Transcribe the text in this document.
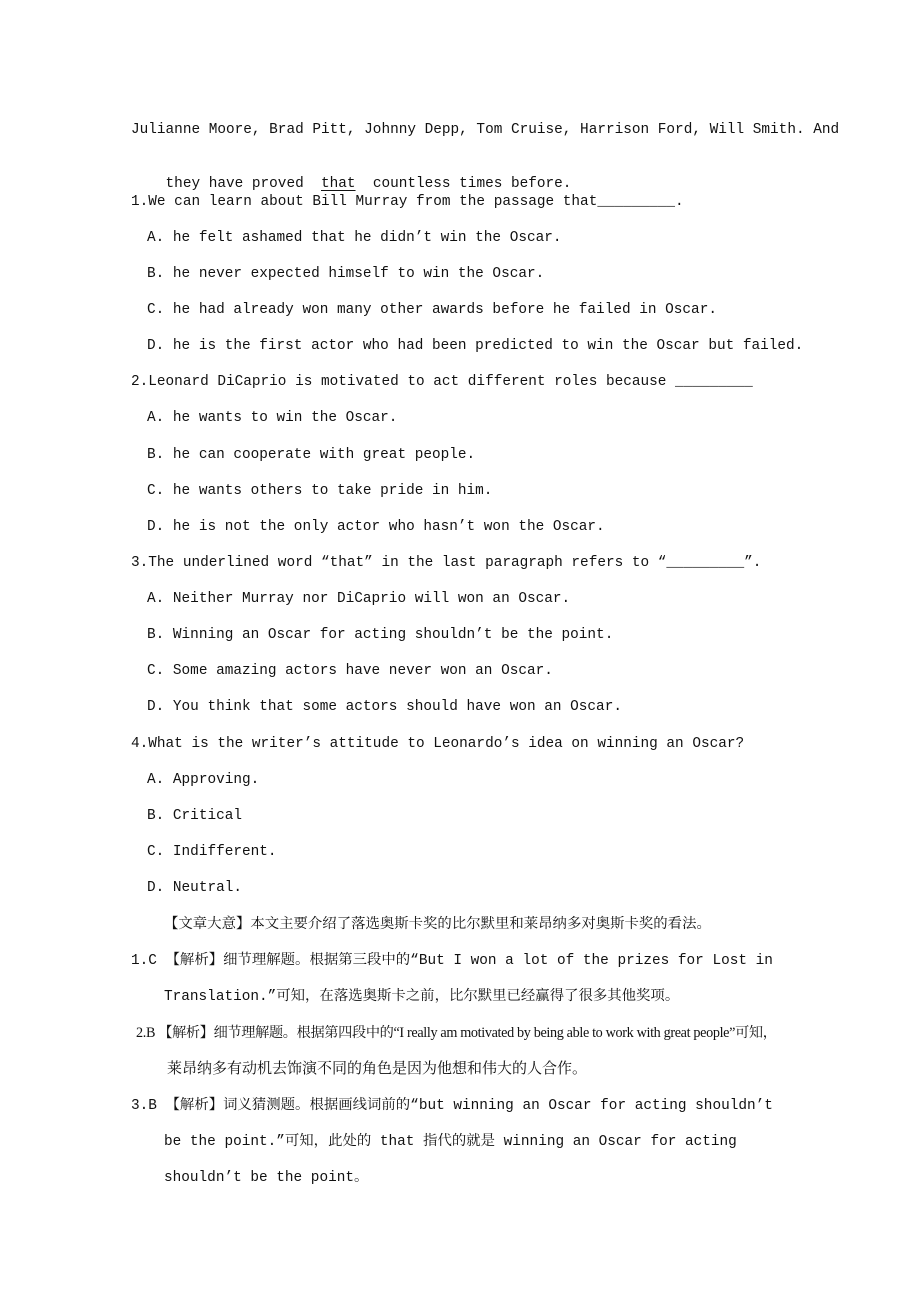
Julianne Moore, Brad Pitt, Johnny Depp, Tom Cruise, Harrison Ford, Will Smith. And

they have proved  that  countless times before.

1.We can learn about Bill Murray from the passage that_________.
A. he felt ashamed that he didn’t win the Oscar.
B. he never expected himself to win the Oscar.
C. he had already won many other awards before he failed in Oscar.
D. he is the first actor who had been predicted to win the Oscar but failed.
2.Leonard DiCaprio is motivated to act different roles because _________
A. he wants to win the Oscar.
B. he can cooperate with great people.
C. he wants others to take pride in him.
D. he is not the only actor who hasn’t won the Oscar.
3.The underlined word “that” in the last paragraph refers to “_________”.
A. Neither Murray nor DiCaprio will won an Oscar.
B. Winning an Oscar for acting shouldn’t be the point.
C. Some amazing actors have never won an Oscar.
D. You think that some actors should have won an Oscar.
4.What is the writer’s attitude to Leonardo’s idea on winning an Oscar?
A. Approving.
B. Critical
C. Indifferent.
D. Neutral.
【文章大意】本文主要介绍了落选奥斯卡奖的比尔默里和莱昂纳多对奥斯卡奖的看法。
1.C 【解析】细节理解题。根据第三段中的“But I won a lot of the prizes for Lost in
Translation.”可知，在落选奥斯卡之前，比尔默里已经赢得了很多其他奖项。
2.B 【解析】细节理解题。根据第四段中的“I really am motivated by being able to work with great people”可知，
莱昂纳多有动机去饰演不同的角色是因为他想和伟大的人合作。
3.B 【解析】词义猜测题。根据画线词前的“but winning an Oscar for acting shouldn’t
be the point.”可知，此处的 that 指代的就是 winning an Oscar for acting
shouldn’t be the point。
